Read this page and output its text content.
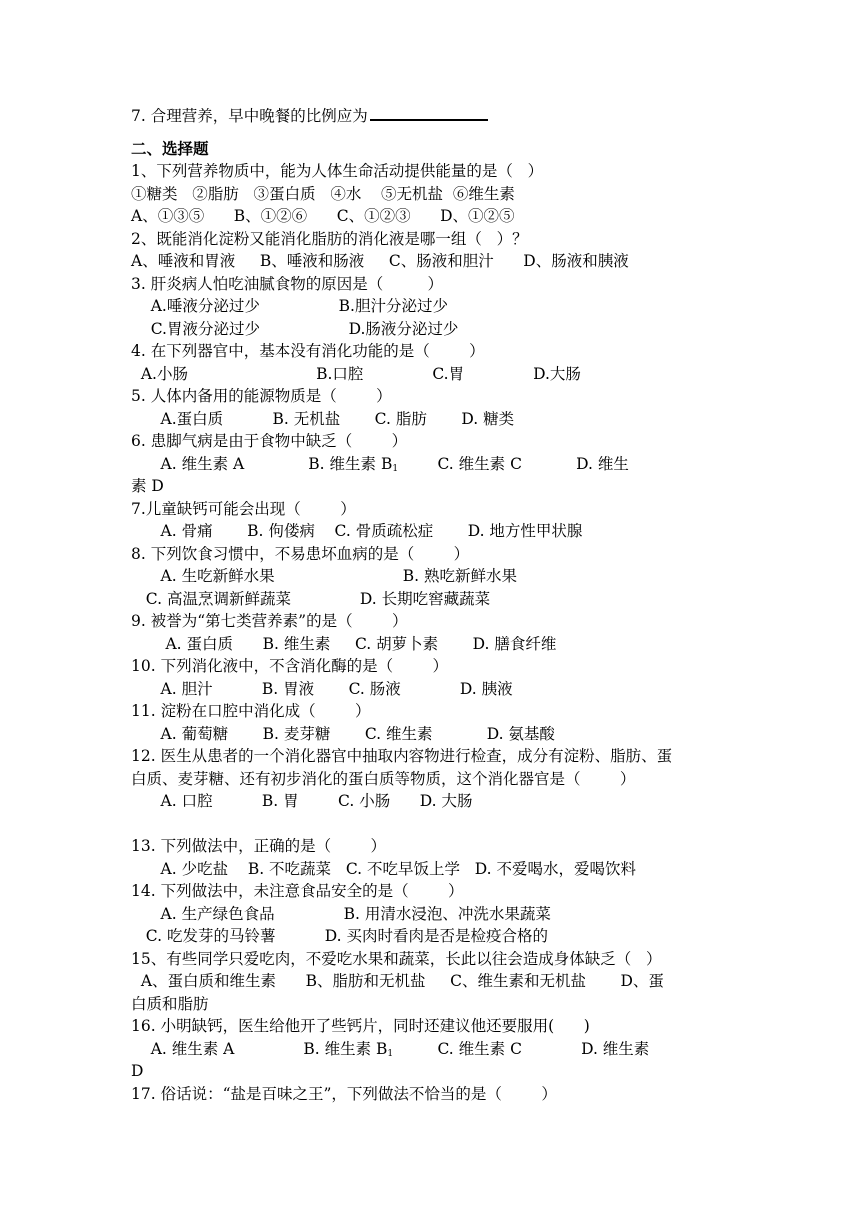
7. 合理营养，早中晚餐的比例应为
二、选择题
1、下列营养物质中，能为人体生命活动提供能量的是（   ）
①糖类   ②脂肪   ③蛋白质   ④水    ⑤无机盐  ⑥维生素
A、①③⑤      B、①②⑥      C、①②③      D、①②⑤
2、既能消化淀粉又能消化脂肪的消化液是哪一组（   ）？
A、唾液和胃液     B、唾液和肠液     C、肠液和胆汁      D、肠液和胰液
3. 肝炎病人怕吃油腻食物的原因是（         ）
A.唾液分泌过少                B.胆汁分泌过少
C.胃液分泌过少                  D.肠液分泌过少
4. 在下列器官中，基本没有消化功能的是（        ）
A.小肠                          B.口腔              C.胃              D.大肠
5. 人体内备用的能源物质是（        ）
A.蛋白质          B. 无机盐       C. 脂肪       D. 糖类
6. 患脚气病是由于食物中缺乏（        ）
A. 维生素 A             B. 维生素 $B_1$        C. 维生素 C           D. 维生
素 D
7.儿童缺钙可能会出现（        ）
A. 骨痛       B. 佝偻病    C. 骨质疏松症       D. 地方性甲状腺
8. 下列饮食习惯中，不易患坏血病的是（        ）
A. 生吃新鲜水果                          B. 熟吃新鲜水果
C. 高温烹调新鲜蔬菜              D. 长期吃窖藏蔬菜
9. 被誉为“第七类营养素”的是（        ）
A. 蛋白质      B. 维生素     C. 胡萝卜素       D. 膳食纤维
10. 下列消化液中，不含消化酶的是（        ）
A. 胆汁          B. 胃液       C. 肠液            D. 胰液
11. 淀粉在口腔中消化成（        ）
A. 葡萄糖       B. 麦芽糖       C. 维生素           D. 氨基酸
12. 医生从患者的一个消化器官中抽取内容物进行检查，成分有淀粉、脂肪、蛋
白质、麦芽糖、还有初步消化的蛋白质等物质，这个消化器官是（        ）
A. 口腔          B. 胃        C. 小肠      D. 大肠
13. 下列做法中，正确的是（        ）
A. 少吃盐    B. 不吃蔬菜   C. 不吃早饭上学   D. 不爱喝水，爱喝饮料
14. 下列做法中，未注意食品安全的是（        ）
A. 生产绿色食品              B. 用清水浸泡、冲洗水果蔬菜
C. 吃发芽的马铃薯          D. 买肉时看肉是否是检疫合格的
15、有些同学只爱吃肉，不爱吃水果和蔬菜，长此以往会造成身体缺乏（   ）
A、蛋白质和维生素      B、脂肪和无机盐     C、维生素和无机盐       D、蛋
白质和脂肪
16. 小明缺钙，医生给他开了些钙片，同时还建议他还要服用(      )
A. 维生素 A              B. 维生素 $B_1$         C. 维生素 C            D. 维生素
D
17. 俗话说：“盐是百味之王”，下列做法不恰当的是（        ）
